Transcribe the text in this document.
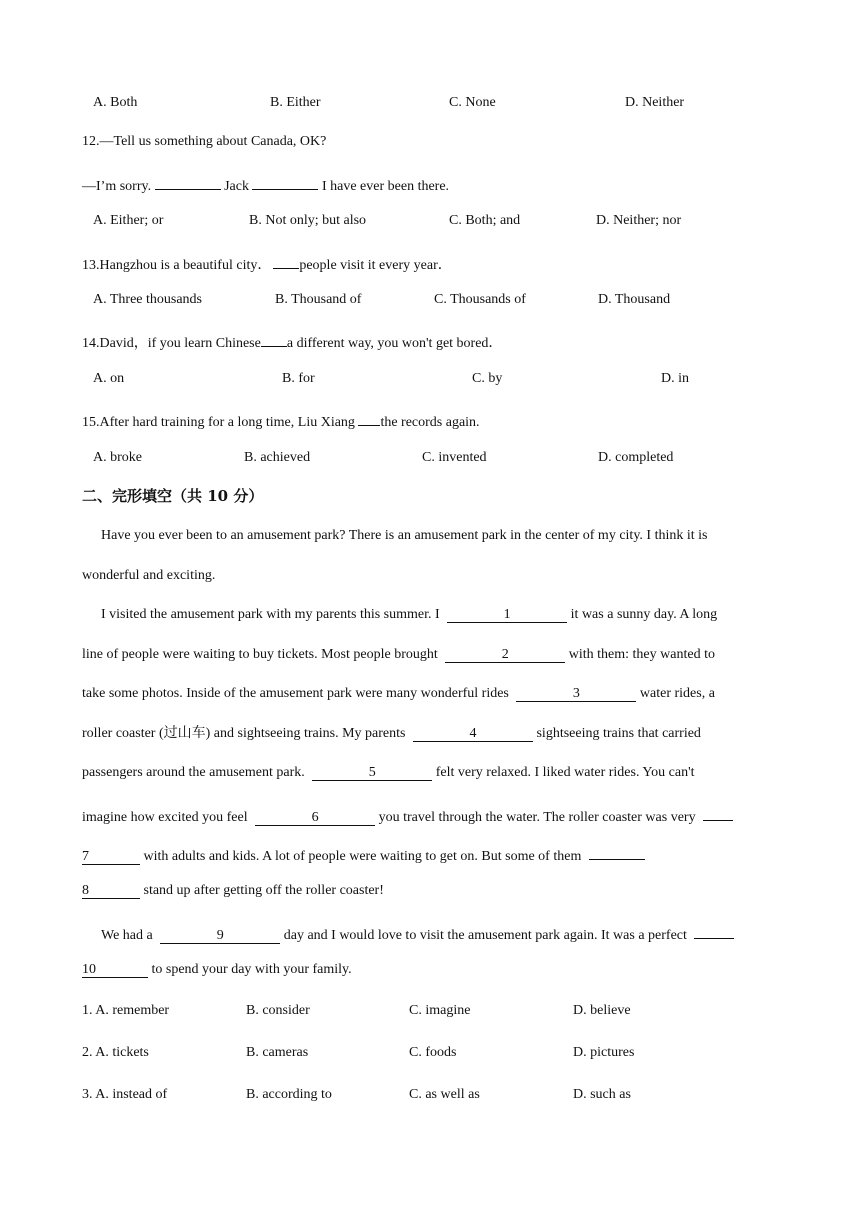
A. Both	B. Either	C. None	D. Neither
12.—Tell us something about Canada, OK?
—I’m sorry.	Jack	I have ever been there.
A. Either; or	B. Not only; but also	C. Both; and	D. Neither; nor
13.Hangzhou is a beautiful city． people visit it every year．
A. Three thousands	B. Thousand of	C. Thousands of	D. Thousand
14.David，if you learn Chinese a different way, you won't get bored．
A. on	B. for	C. by	D. in
15.After hard training for a long time, Liu Xiang the records again.
A. broke	B. achieved	C. invented	D. completed
二、完形填空（共 10 分）
Have you ever been to an amusement park? There is an amusement park in the center of my city. I think it is
wonderful and exciting.
I visited the amusement park with my parents this summer. I	1	it was a sunny day. A long
line of people were waiting to buy tickets. Most people brought	2	with them: they wanted to
take some photos. Inside of the amusement park were many wonderful rides	3	water rides, a
roller coaster (过山车) and sightseeing trains. My parents	4	sightseeing trains that carried
passengers around the amusement park.	5	felt very relaxed. I liked water rides. You can't
imagine how excited you feel	6	you travel through the water. The roller coaster was very
7	with adults and kids. A lot of people were waiting to get on. But some of them
8	stand up after getting off the roller coaster!
We had a	9	day and I would love to visit the amusement park again. It was a perfect
10	to spend your day with your family.
1. A. remember	B. consider	C. imagine	D. believe
2. A. tickets	B. cameras	C. foods	D. pictures
3. A. instead of	B. according to	C. as well as	D. such as
